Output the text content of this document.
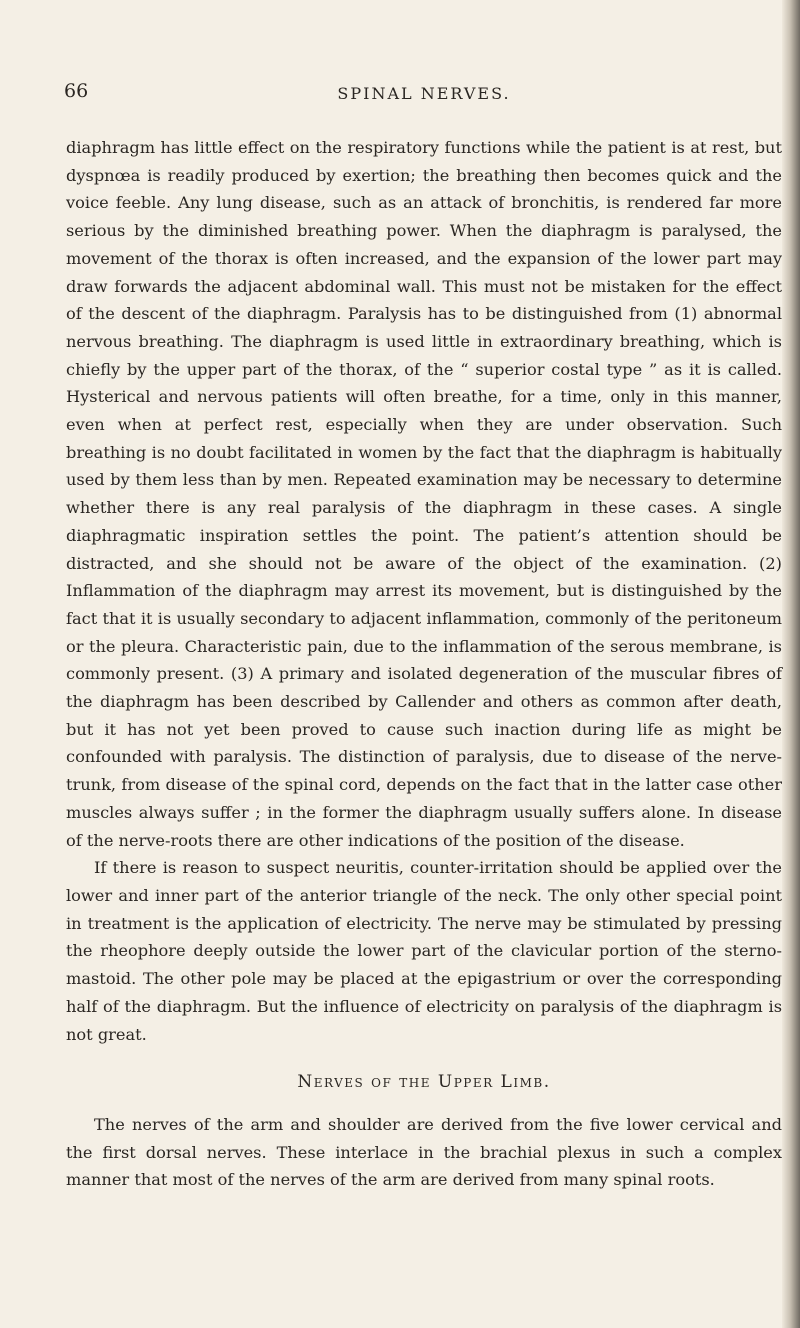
66	SPINAL NERVES.

diaphragm has little effect on the respiratory functions while the patient is at rest, but dyspnœa is readily produced by exertion; the breathing then becomes quick and the voice feeble. Any lung disease, such as an attack of bronchitis, is rendered far more serious by the diminished breathing power. When the diaphragm is paralysed, the movement of the thorax is often increased, and the expansion of the lower part may draw forwards the adjacent abdominal wall. This must not be mistaken for the effect of the descent of the diaphragm. Paralysis has to be distinguished from (1) abnormal nervous breathing. The diaphragm is used little in extraordinary breathing, which is chiefly by the upper part of the thorax, of the “ superior costal type ” as it is called. Hysterical and nervous patients will often breathe, for a time, only in this manner, even when at perfect rest, especially when they are under observation. Such breathing is no doubt facilitated in women by the fact that the diaphragm is habitually used by them less than by men. Repeated examination may be necessary to determine whether there is any real paralysis of the diaphragm in these cases. A single diaphragmatic inspiration settles the point. The patient’s attention should be distracted, and she should not be aware of the object of the examination. (2) Inflammation of the diaphragm may arrest its movement, but is distinguished by the fact that it is usually secondary to adjacent inflammation, commonly of the peritoneum or the pleura. Characteristic pain, due to the inflammation of the serous membrane, is commonly present. (3) A primary and isolated degeneration of the muscular fibres of the diaphragm has been described by Callender and others as common after death, but it has not yet been proved to cause such inaction during life as might be confounded with paralysis. The distinction of paralysis, due to disease of the nerve-trunk, from disease of the spinal cord, depends on the fact that in the latter case other muscles always suffer ; in the former the diaphragm usually suffers alone. In disease of the nerve-roots there are other indications of the position of the disease.

If there is reason to suspect neuritis, counter-irritation should be applied over the lower and inner part of the anterior triangle of the neck. The only other special point in treatment is the application of electricity. The nerve may be stimulated by pressing the rheophore deeply outside the lower part of the clavicular portion of the sterno-mastoid. The other pole may be placed at the epigastrium or over the corresponding half of the diaphragm. But the influence of electricity on paralysis of the diaphragm is not great.

Nerves of the Upper Limb.

The nerves of the arm and shoulder are derived from the five lower cervical and the first dorsal nerves. These interlace in the brachial plexus in such a complex manner that most of the nerves of the arm are derived from many spinal roots.
